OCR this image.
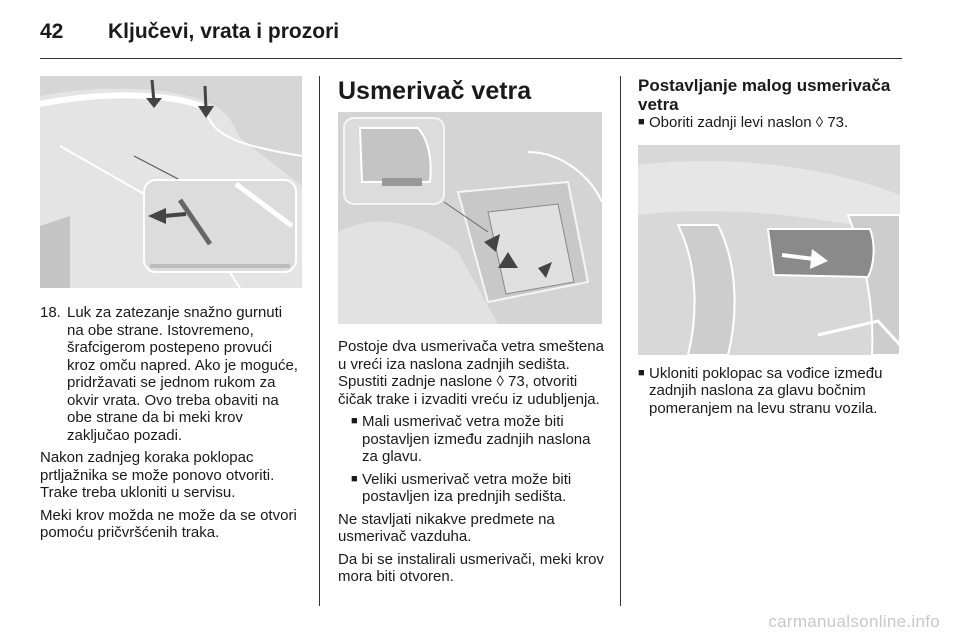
42 Ključevi, vrata i prozori
18. Luk za zatezanje snažno gurnuti na obe strane. Istovremeno, šrafcigerom postepeno provući kroz omču napred. Ako je moguće, pridržavati se jednom rukom za okvir vrata. Ovo treba obaviti na obe strane da bi meki krov zaključao pozadi.

Nakon zadnjeg koraka poklopac prtljažnika se može ponovo otvoriti. Trake treba ukloniti u servisu.

Meki krov možda ne može da se otvori pomoću pričvršćenih traka.

Usmerivač vetra

Postoje dva usmerivača vetra smeštena u vreći iza naslona zadnjih sedišta. Spustiti zadnje naslone ◊ 73, otvoriti čičak trake i izvaditi vreću iz udubljenja.

■ Mali usmerivač vetra može biti postavljen između zadnjih naslona za glavu.
■ Veliki usmerivač vetra može biti postavljen iza prednjih sedišta.

Ne stavljati nikakve predmete na usmerivač vazduha.

Da bi se instalirali usmerivači, meki krov mora biti otvoren.

Postavljanje malog usmerivača vetra
■ Oboriti zadnji levi naslon ◊ 73.
■ Ukloniti poklopac sa vođice između zadnjih naslona za glavu bočnim pomeranjem na levu stranu vozila.
carmanualsonline.info
